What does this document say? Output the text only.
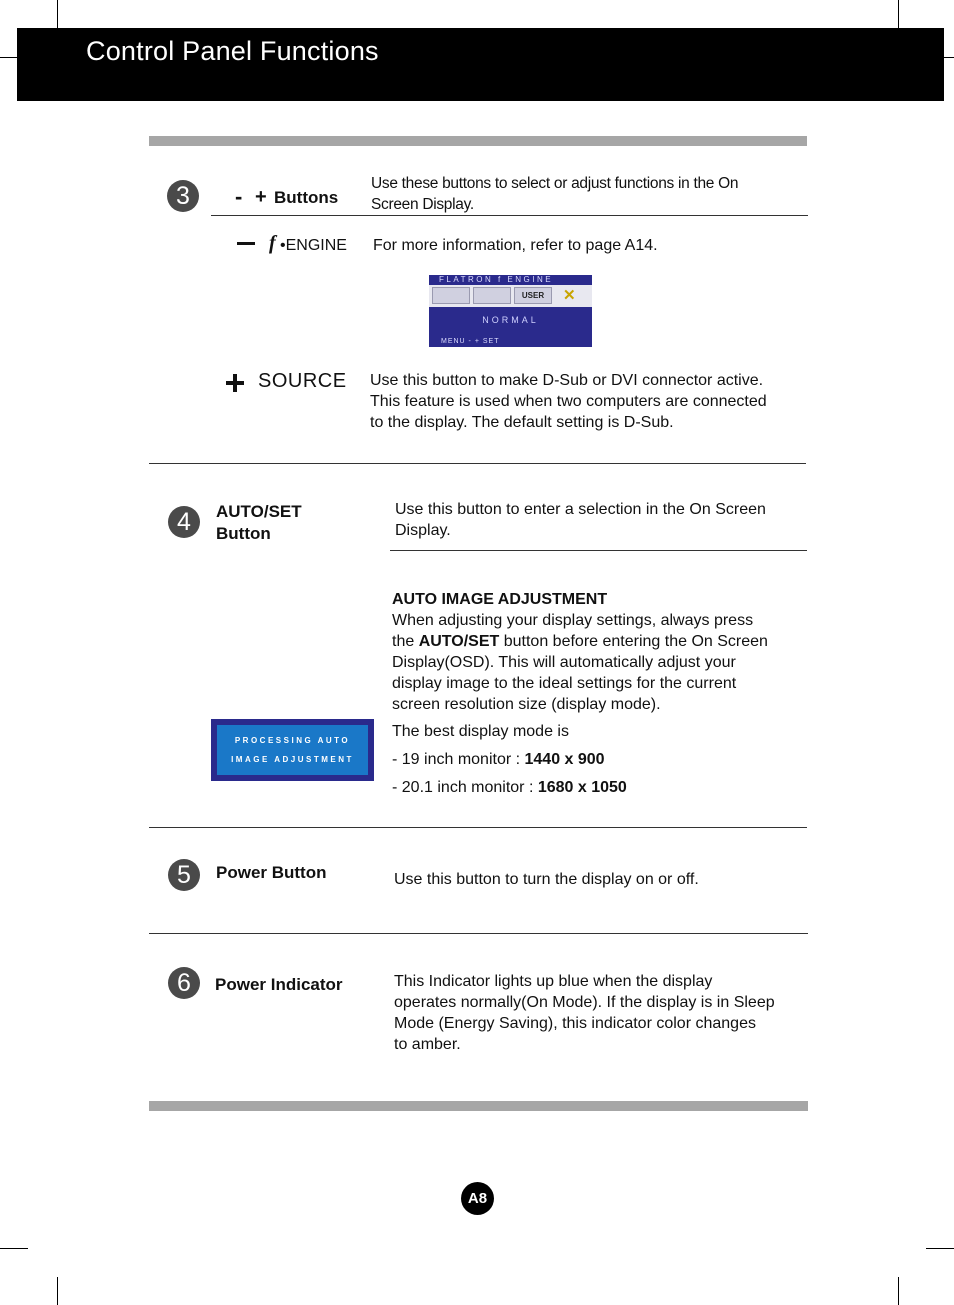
Control Panel Functions
3	- + Buttons
Use these buttons to select or adjust functions in the On
Screen Display.
f •ENGINE For more information, refer to page A14.
FLATRON f ENGINE
USER	✕
NORMAL
MENU - + SET
SOURCE Use this button to make D-Sub or DVI connector active.
This feature is used when two computers are connected
to the display. The default setting is D-Sub.
4	AUTO/SET
Button
Use this button to enter a selection in the On Screen
Display.
AUTO IMAGE ADJUSTMENT
When adjusting your display settings, always press
the AUTO/SET button before entering the On Screen
Display(OSD). This will automatically adjust your
display image to the ideal settings for the current
screen resolution size (display mode).
The best display mode is
- 19 inch monitor : 1440 x 900
- 20.1 inch monitor : 1680 x 1050
PROCESSING AUTO
IMAGE ADJUSTMENT
5	Power Button	Use this button to turn the display on or off.
6	Power Indicator	This Indicator lights up blue when the display
operates normally(On Mode). If the display is in Sleep
Mode (Energy Saving), this indicator color changes
to amber.
A8
